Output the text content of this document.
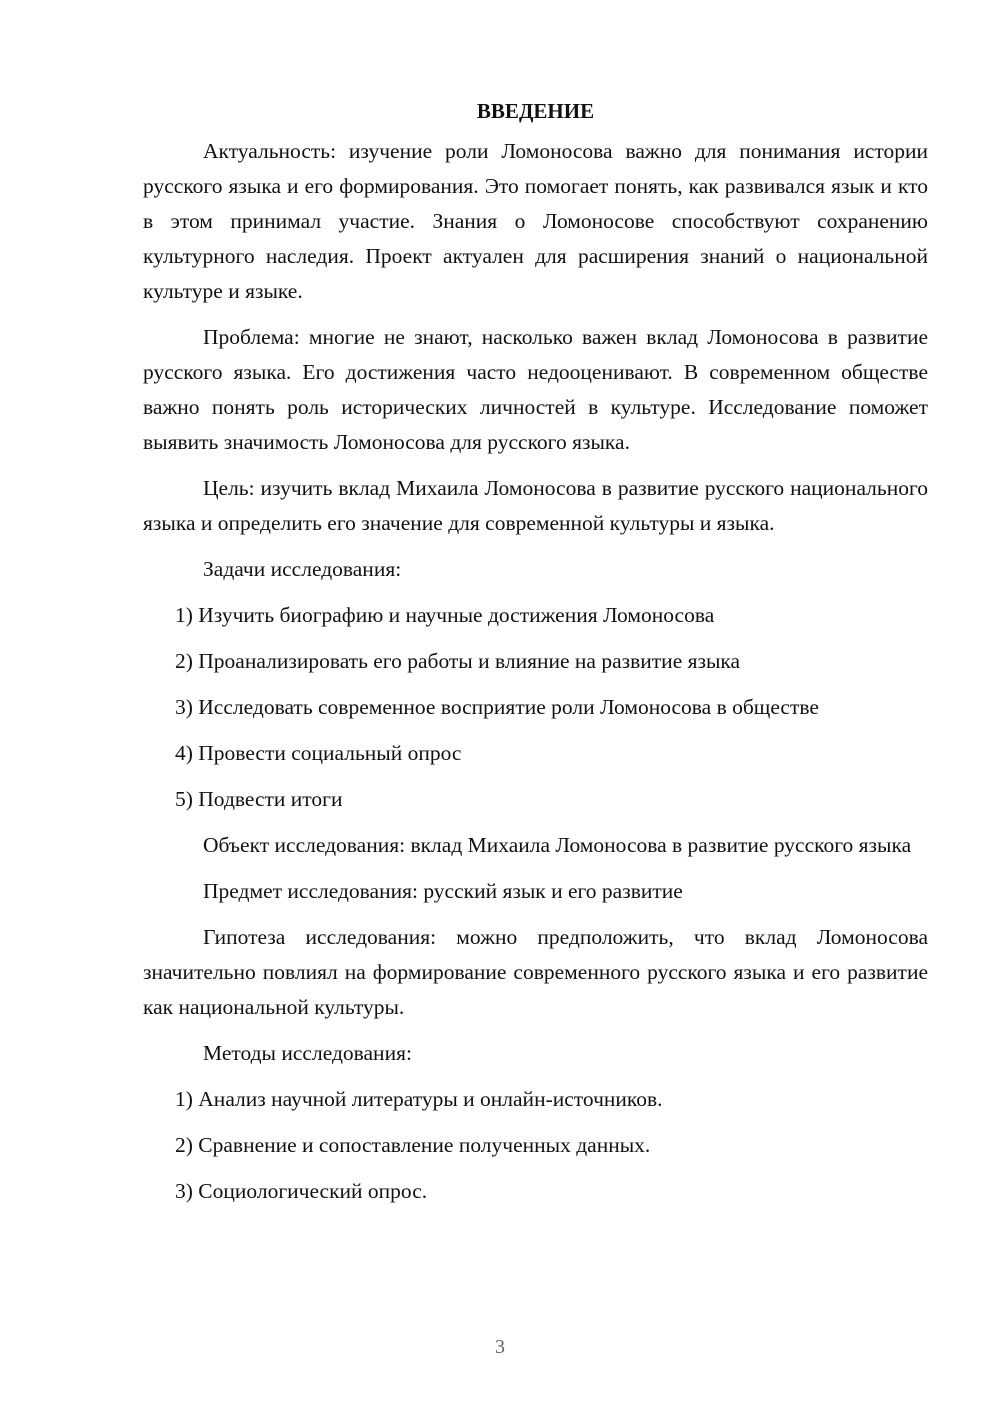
ВВЕДЕНИЕ

Актуальность: изучение роли Ломоносова важно для понимания истории русского языка и его формирования. Это помогает понять, как развивался язык и кто в этом принимал участие. Знания о Ломоносове способствуют сохранению культурного наследия. Проект актуален для расширения знаний о национальной культуре и языке.

Проблема: многие не знают, насколько важен вклад Ломоносова в развитие русского языка. Его достижения часто недооценивают. В современном обществе важно понять роль исторических личностей в культуре. Исследование поможет выявить значимость Ломоносова для русского языка.

Цель: изучить вклад Михаила Ломоносова в развитие русского национального языка и определить его значение для современной культуры и языка.

Задачи исследования:

1) Изучить биографию и научные достижения Ломоносова

2) Проанализировать его работы и влияние на развитие языка

3) Исследовать современное восприятие роли Ломоносова в обществе

4) Провести социальный опрос

5) Подвести итоги

Объект исследования: вклад Михаила Ломоносова в развитие русского языка

Предмет исследования: русский язык и его развитие

Гипотеза исследования: можно предположить, что вклад Ломоносова значительно повлиял на формирование современного русского языка и его развитие как национальной культуры.

Методы исследования:

1) Анализ научной литературы и онлайн-источников.

2) Сравнение и сопоставление полученных данных.

3) Социологический опрос.

3
